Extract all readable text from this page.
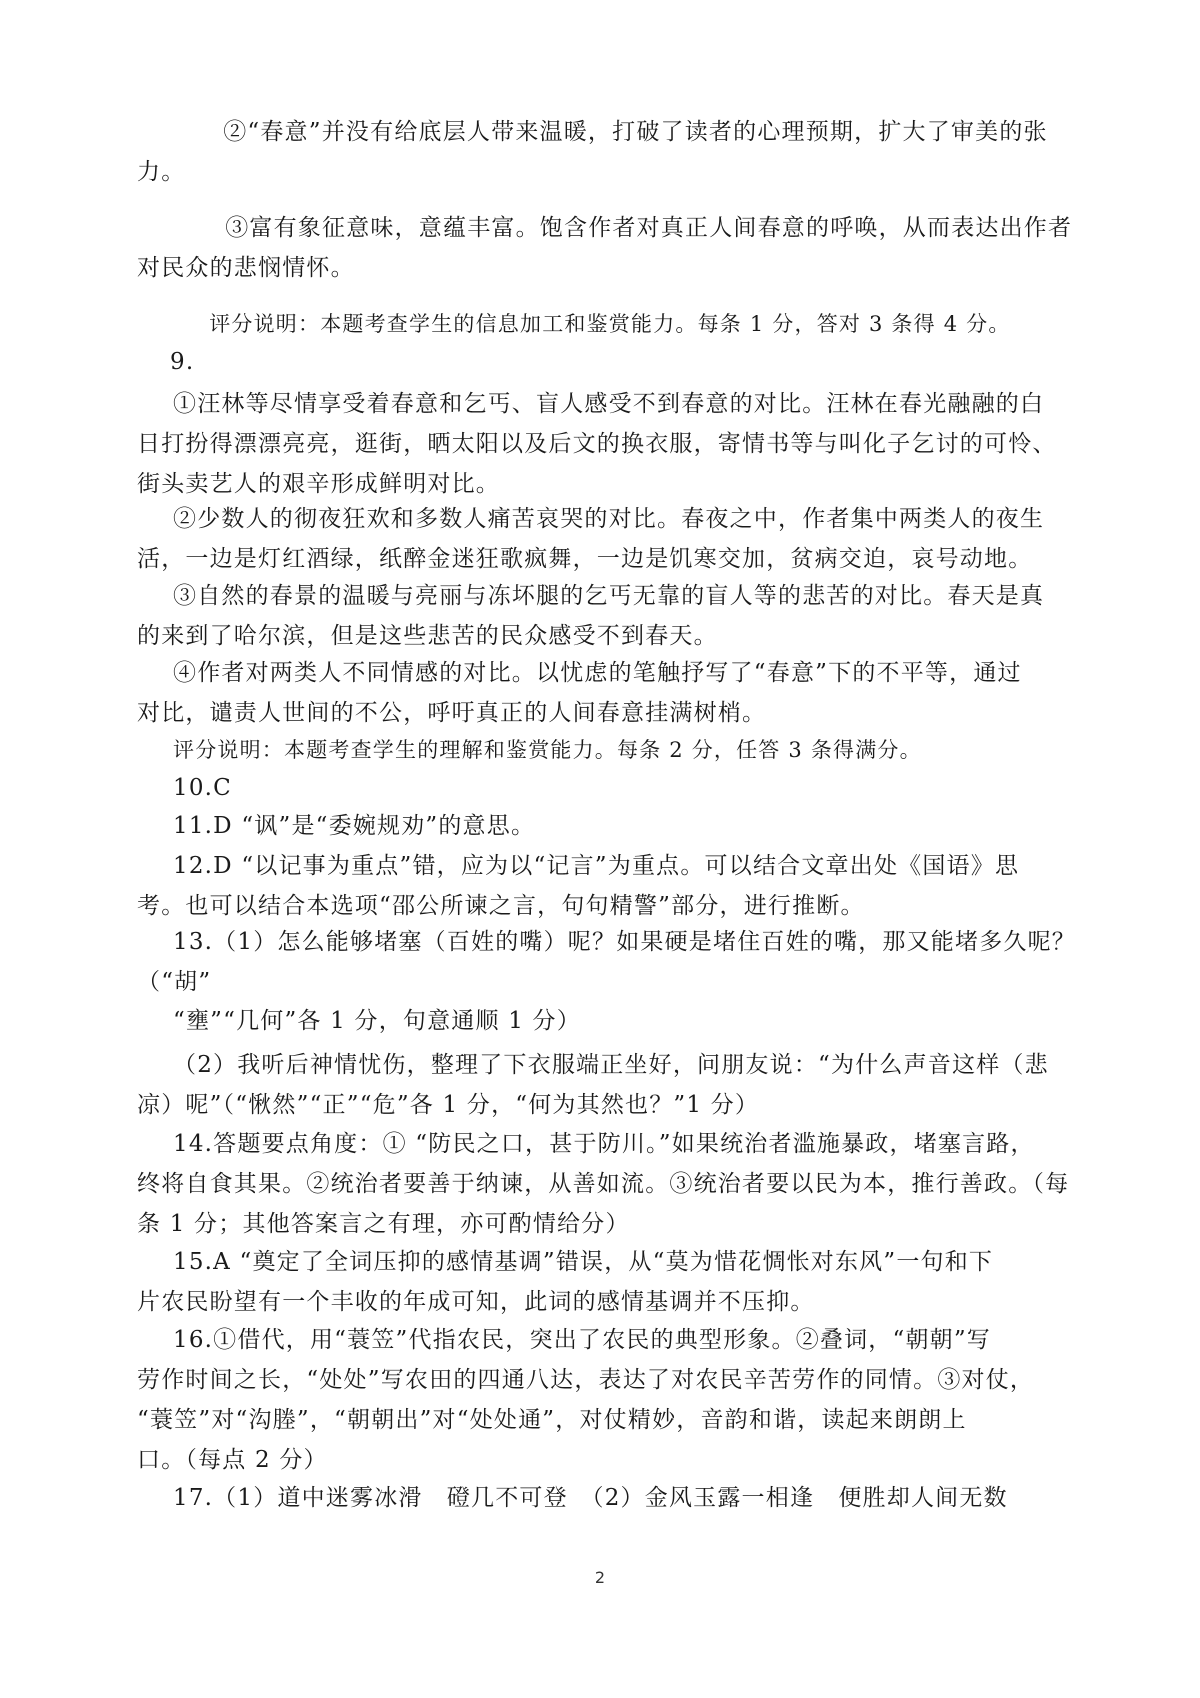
　②“春意”并没有给底层人带来温暖，打破了读者的心理预期，扩大了审美的张
力。
　③富有象征意味，意蕴丰富。饱含作者对真正人间春意的呼唤，从而表达出作者
对民众的悲悯情怀。
　评分说明：本题考查学生的信息加工和鉴赏能力。每条 1 分，答对 3 条得 4 分。
9.
①汪林等尽情享受着春意和乞丐、盲人感受不到春意的对比。汪林在春光融融的白
日打扮得漂漂亮亮，逛街，晒太阳以及后文的换衣服，寄情书等与叫化子乞讨的可怜、
街头卖艺人的艰辛形成鲜明对比。
②少数人的彻夜狂欢和多数人痛苦哀哭的对比。春夜之中，作者集中两类人的夜生
活，一边是灯红酒绿，纸醉金迷狂歌疯舞，一边是饥寒交加，贫病交迫，哀号动地。
③自然的春景的温暖与亮丽与冻坏腿的乞丐无靠的盲人等的悲苦的对比。春天是真
的来到了哈尔滨，但是这些悲苦的民众感受不到春天。
④作者对两类人不同情感的对比。以忧虑的笔触抒写了“春意”下的不平等，通过
对比，谴责人世间的不公，呼吁真正的人间春意挂满树梢。
评分说明：本题考查学生的理解和鉴赏能力。每条 2 分，任答 3 条得满分。
10.C
11.D “讽”是“委婉规劝”的意思。
12.D “以记事为重点”错，应为以“记言”为重点。可以结合文章出处《国语》思
考。也可以结合本选项“邵公所谏之言，句句精警”部分，进行推断。
13.（1）怎么能够堵塞（百姓的嘴）呢？如果硬是堵住百姓的嘴，那又能堵多久呢？
（“胡”
“壅”“几何”各 1 分，句意通顺 1 分）
（2）我听后神情忧伤，整理了下衣服端正坐好，问朋友说：“为什么声音这样（悲
凉）呢”（“愀然”“正”“危”各 1 分，“何为其然也？”1 分）
14.答题要点角度：① “防民之口，甚于防川。”如果统治者滥施暴政，堵塞言路，
终将自食其果。②统治者要善于纳谏，从善如流。③统治者要以民为本，推行善政。（每
条 1 分；其他答案言之有理，亦可酌情给分）
15.A “奠定了全词压抑的感情基调”错误，从“莫为惜花惆怅对东风”一句和下
片农民盼望有一个丰收的年成可知，此词的感情基调并不压抑。
16.①借代，用“蓑笠”代指农民，突出了农民的典型形象。②叠词，“朝朝”写
劳作时间之长，“处处”写农田的四通八达，表达了对农民辛苦劳作的同情。③对仗，
“蓑笠”对“沟塍”，“朝朝出”对“处处通”，对仗精妙，音韵和谐，读起来朗朗上
口。（每点 2 分）
17.（1）道中迷雾冰滑　磴几不可登　（2）金风玉露一相逢　便胜却人间无数
2
